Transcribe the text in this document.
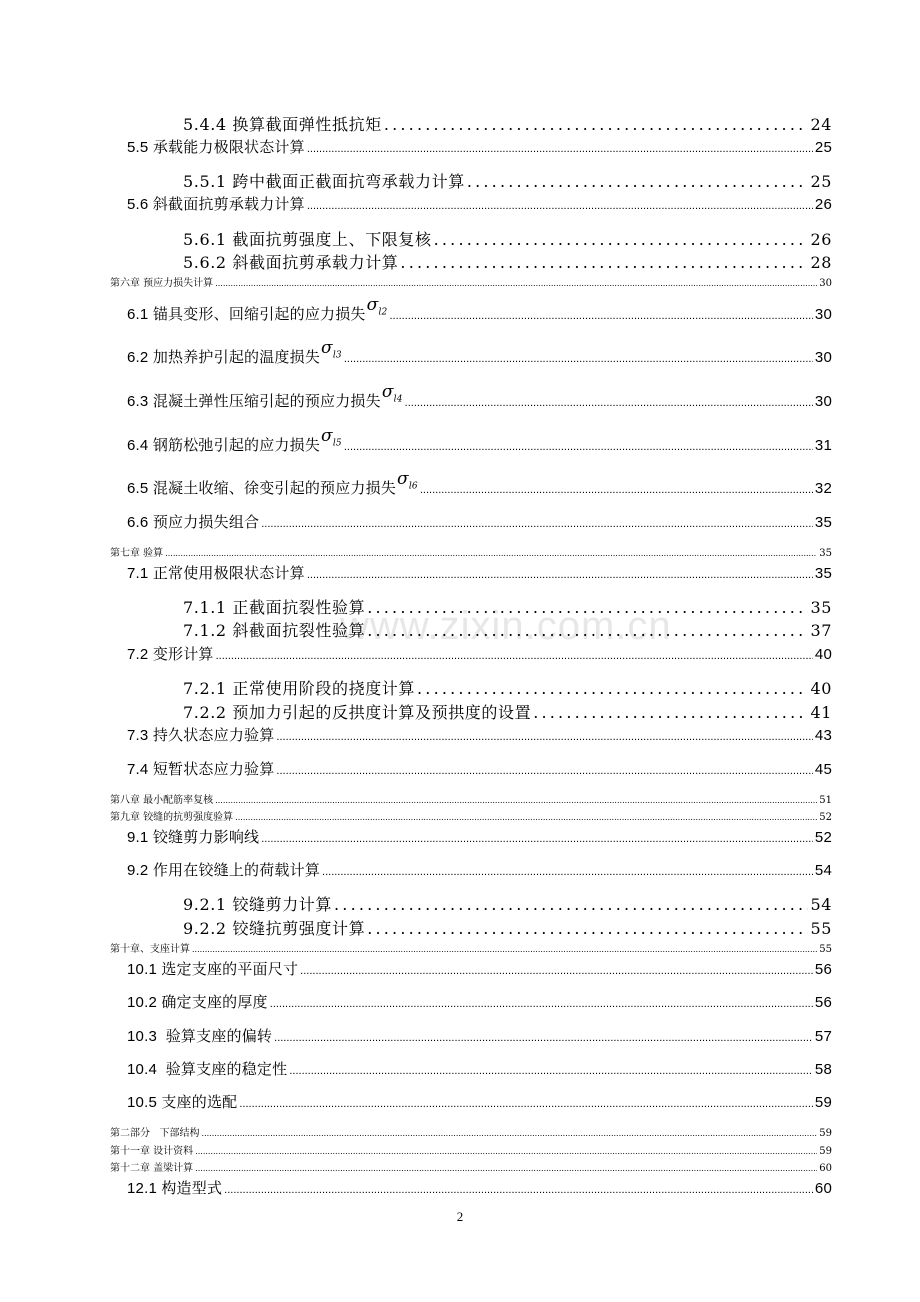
www.zixin.com.cn
5.4.4 换算截面弹性抵抗矩 .....	24
5.5 承载能力极限状态计算 .....	25
5.5.1 跨中截面正截面抗弯承载力计算 .....	25
5.6 斜截面抗剪承载力计算 .....	26
5.6.1 截面抗剪强度上、下限复核 .....	26
5.6.2 斜截面抗剪承载力计算 .....	28
第六章 预应力损失计算 .....	30
6.1 锚具变形、回缩引起的应力损失 $\sigma_{l2}$ .....	30
6.2 加热养护引起的温度损失 $\sigma_{l3}$ .....	30
6.3 混凝土弹性压缩引起的预应力损失 $\sigma_{l4}$ .....	30
6.4 钢筋松弛引起的应力损失 $\sigma_{l5}$ .....	31
6.5 混凝土收缩、徐变引起的预应力损失 $\sigma_{l6}$ .....	32
6.6 预应力损失组合 .....	35
第七章 验算 .....	35
7.1 正常使用极限状态计算 .....	35
7.1.1 正截面抗裂性验算 .....	35
7.1.2 斜截面抗裂性验算 .....	37
7.2 变形计算 .....	40
7.2.1 正常使用阶段的挠度计算 .....	40
7.2.2 预加力引起的反拱度计算及预拱度的设置 .....	41
7.3 持久状态应力验算 .....	43
7.4 短暂状态应力验算 .....	45
第八章 最小配筋率复核 .....	51
第九章 铰缝的抗剪强度验算 .....	52
9.1 铰缝剪力影响线 .....	52
9.2 作用在铰缝上的荷载计算 .....	54
9.2.1 铰缝剪力计算 .....	54
9.2.2 铰缝抗剪强度计算 .....	55
第十章、支座计算 .....	55
10.1 选定支座的平面尺寸 .....	56
10.2 确定支座的厚度 .....	56
10.3  验算支座的偏转 .....	57
10.4  验算支座的稳定性 .....	58
10.5 支座的选配 .....	59
第二部分   下部结构 .....	59
第十一章 设计资料 .....	59
第十二章 盖梁计算 .....	60
12.1 构造型式 .....	60
2
